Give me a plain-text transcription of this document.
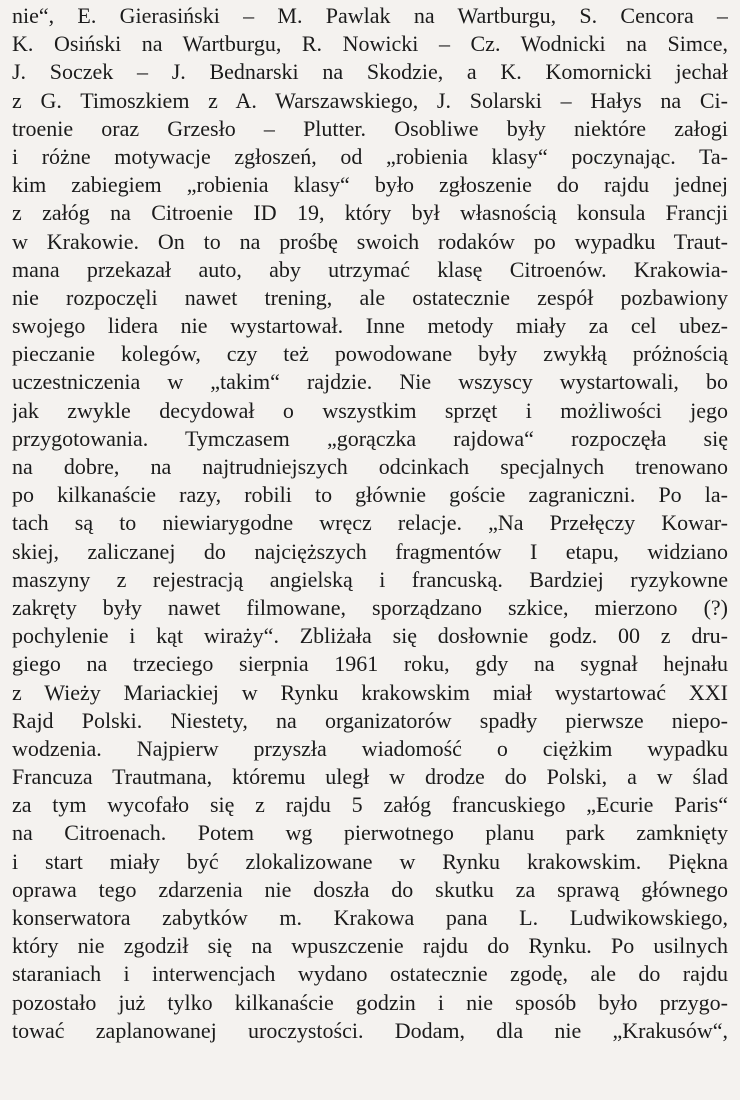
nie“, E. Gierasiński – M. Pawlak na Wartburgu, S. Cencora –
K. Osiński na Wartburgu, R. Nowicki – Cz. Wodnicki na Simce,
J. Soczek – J. Bednarski na Skodzie, a K. Komornicki jechał
z G. Timoszkiem z A. Warszawskiego, J. Solarski – Hałys na Ci-
troenie oraz Grzesło – Plutter. Osobliwe były niektóre załogi
i różne motywacje zgłoszeń, od „robienia klasy“ poczynając. Ta-
kim zabiegiem „robienia klasy“ było zgłoszenie do rajdu jednej
z załóg na Citroenie ID 19, który był własnością konsula Francji
w Krakowie. On to na prośbę swoich rodaków po wypadku Traut-
mana przekazał auto, aby utrzymać klasę Citroenów. Krakowia-
nie rozpoczęli nawet trening, ale ostatecznie zespół pozbawiony
swojego lidera nie wystartował. Inne metody miały za cel ubez-
pieczanie kolegów, czy też powodowane były zwykłą próżnością
uczestniczenia w „takim“ rajdzie. Nie wszyscy wystartowali, bo
jak zwykle decydował o wszystkim sprzęt i możliwości jego
przygotowania. Tymczasem „gorączka rajdowa“ rozpoczęła się
na dobre, na najtrudniejszych odcinkach specjalnych trenowano
po kilkanaście razy, robili to głównie goście zagraniczni. Po la-
tach są to niewiarygodne wręcz relacje. „Na Przełęczy Kowar-
skiej, zaliczanej do najcięższych fragmentów I etapu, widziano
maszyny z rejestracją angielską i francuską. Bardziej ryzykowne
zakręty były nawet filmowane, sporządzano szkice, mierzono (?)
pochylenie i kąt wiraży“. Zbliżała się dosłownie godz. 00 z dru-
giego na trzeciego sierpnia 1961 roku, gdy na sygnał hejnału
z Wieży Mariackiej w Rynku krakowskim miał wystartować XXI
Rajd Polski. Niestety, na organizatorów spadły pierwsze niepo-
wodzenia. Najpierw przyszła wiadomość o ciężkim wypadku
Francuza Trautmana, któremu uległ w drodze do Polski, a w ślad
za tym wycofało się z rajdu 5 załóg francuskiego „Ecurie Paris“
na Citroenach. Potem wg pierwotnego planu park zamknięty
i start miały być zlokalizowane w Rynku krakowskim. Piękna
oprawa tego zdarzenia nie doszła do skutku za sprawą głównego
konserwatora zabytków m. Krakowa pana L. Ludwikowskiego,
który nie zgodził się na wpuszczenie rajdu do Rynku. Po usilnych
staraniach i interwencjach wydano ostatecznie zgodę, ale do rajdu
pozostało już tylko kilkanaście godzin i nie sposób było przygo-
tować zaplanowanej uroczystości. Dodam, dla nie „Krakusów“,
